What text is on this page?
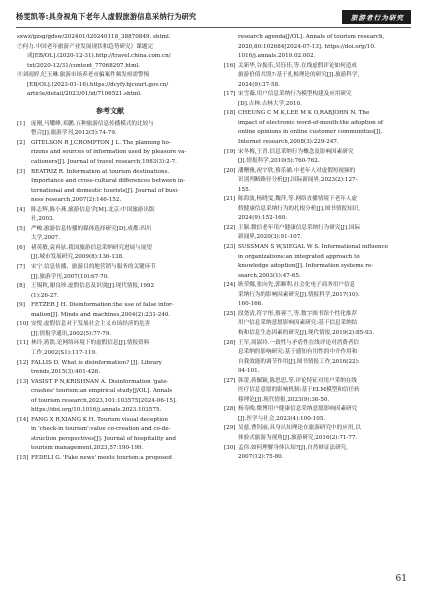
杨雯凯等:具身视角下老年人虚假旅游信息采纳行为研究	旅游者行为研究
sxwz/gzsg/gdsw/202401/t20240118_38870849. shtml.
⑦何力.中国老年旅游产业发展现状和趋势研究》课题完
成[EB/OL].(2020-12-31).http://travel.china.com.cn/
txt/2020-12/31/content_77068207.html.
⑧刘雨婷,纪玉琳.旅游市场养老市骗案件频发亟需警惕
[EB/OL].(2023-01-16).https://dcyfy.bjcourt.gov.cn/
article/detail/2023/01/id/7106521.shtml.
参考文献
[1] 庞刚,马耀峰,邓鹏.五种旅游信息传播模式的比较与
整合[J].旅游学刊,2012(5):74-79.
[2] GITELSON R J,CROMPTON J L. The planning ho-
rizons and sources of information used by pleasure va-
cationers[J]. Journal of travel research,1983(3):2-7.
[3] BEATRIZ R. Information at tourism destinations.
Importance and cross-cultural differences between in-
ternational and domestic tourists[J]. Journal of busi-
ness research,2007(2):146-152.
[4] 陈志辉,陈小燕.旅游信息学[M].北京:中国旅游出版
社,2003.
[5] 严峻.旅游信息传播的媒体选择研究[D].成都:四川
大学,2007.
[6] 褚英敏,袁再铉.我国旅游信息采纳研究进展与展望
[J].城市发展研究,2009(8):136-138.
[7] 宋宁.信息传播、旅游目的地营销与服务的关键环节
[J].旅游学刊,2007(10):67-70.
[8] 王锡秋,谢良珍.虚假信息及识别[J].现代情报,1992
(1):26-27.
[9] FETZER J H. Disinformation:the use of false infor-
mation[J]. Minds and machines,2004(2):231-240.
[10] 安悦.虚假信息对于发展社会主义市场经济的危害
[J].情报学通讯,2002(5):77-79.
[11] 林玲,蒋凯.论网络环境下的虚假信息[J].情报资料
工作,2002(S1):117-119.
[12] FALLIS D. What is disinformation? [J]. Library
trends,2015(3):401-426.
[13] VASIST P N,KRISHNAN A. Disinformation 'gate-
crashes' tourism:an empirical study[J/OL]. Annals
of tourism research,2023,101:103575[2024-06-15].
https://doi.org/10.1016/j.annals.2023.103575.
[14] FANG X R,XIANG K H. Tourism visual deception
in 'check-in tourism':value co-creation and co-de-
struction perspectives[J]. Journal of hospitality and
tourism management,2023,57:190-199.
[15] FEDELI G. 'Fake news' meets tourism:a proposed
research agenda[J/OL]. Annals of tourism research,
2020,80:102684[2024-07-13]. https://doi.org/10.
1016/j.annals.2019.02.002.
[16] 关新华,谷振乐,吴钰佳,等.在线虚假评论如何造成
旅游价值共毁?:基于扎根理论的研究[J].旅游科学,
2024(9):37-58.
[17] 宋雪薇.用户信息采纳行为模型构建及应用研究
[D].吉林:吉林大学,2010.
[18] CHEUNG C M K,LEE M K O,RABJOHN N. The
impact of electronic word-of-mouth:the adoption of
online opinions in online customer communities[J].
Internet research,2008(3):229-247.
[19] 宋冬梅,王晋.信息采纳行为概念及影响因素研究
[J].情报科学,2010(5):760-762.
[20] 潘曙雅,祝宇欣,蔡乐涵.中老年人对虚假短视频的
识别判断路径分析[J].国际新闻界,2023(2):127-
155.
[21] 陈海波,杨晓雯,魏萍,等.网络直播情境下老年人虚
假健康信息采纳行为的扎根分析[J].图书情报知识,
2024(9):152-160.
[22] 王颖.微信老年用户健康信息采纳行为研究[J].国际
新闻界,2020(3):91-107.
[23] SUSSMAN S W,SIEGAL W S. Informational influence
in organizations:an integrated approach to
knowledge adoption[J]. Information systems re-
search,2003(1):47-65.
[24] 耿荣娜,张向先,郭顺利.社会化电子商务用户信息
采纳行为的影响因素研究[J].情报科学,2017(10):
160-166.
[25] 段尧清,符宇彤,蔡蓉兰,等.数字图书馆个性化推荐
用户信息采纳意愿影响因素研究:基于信息采纳结
构和信息生态因素的研究[J].现代情报,2019(2):85-93.
[26] 王军,周淑玲.一致性与矛盾性在线评论对消费者信
息采纳的影响研究:基于感知有用性的中介作用和
自我效能的调节作用[J].图书情报工作,2016(22):
94-101.
[27] 韩蕾,蒋佩颖,陈思思,等.评论特征对用户采纳在线
医疗信息意愿的影响机制:基于ELM模型和信任转
移理论[J].现代情报,2023(9):36-50.
[28] 杨寿晚.微博用户健康信息采纳意愿影响因素研究
[J].医学与社会,2023(4):100-105.
[29] 吴慈,曹钊丽,具身认知理论在旅游研究中的应用,以
体验式旅游为视角[J].旅游研究,2016(2):71-77.
[30] 孟伟.如何理解身体认知?[J].自然辩证法研究,
2007(12):75-80.
61
